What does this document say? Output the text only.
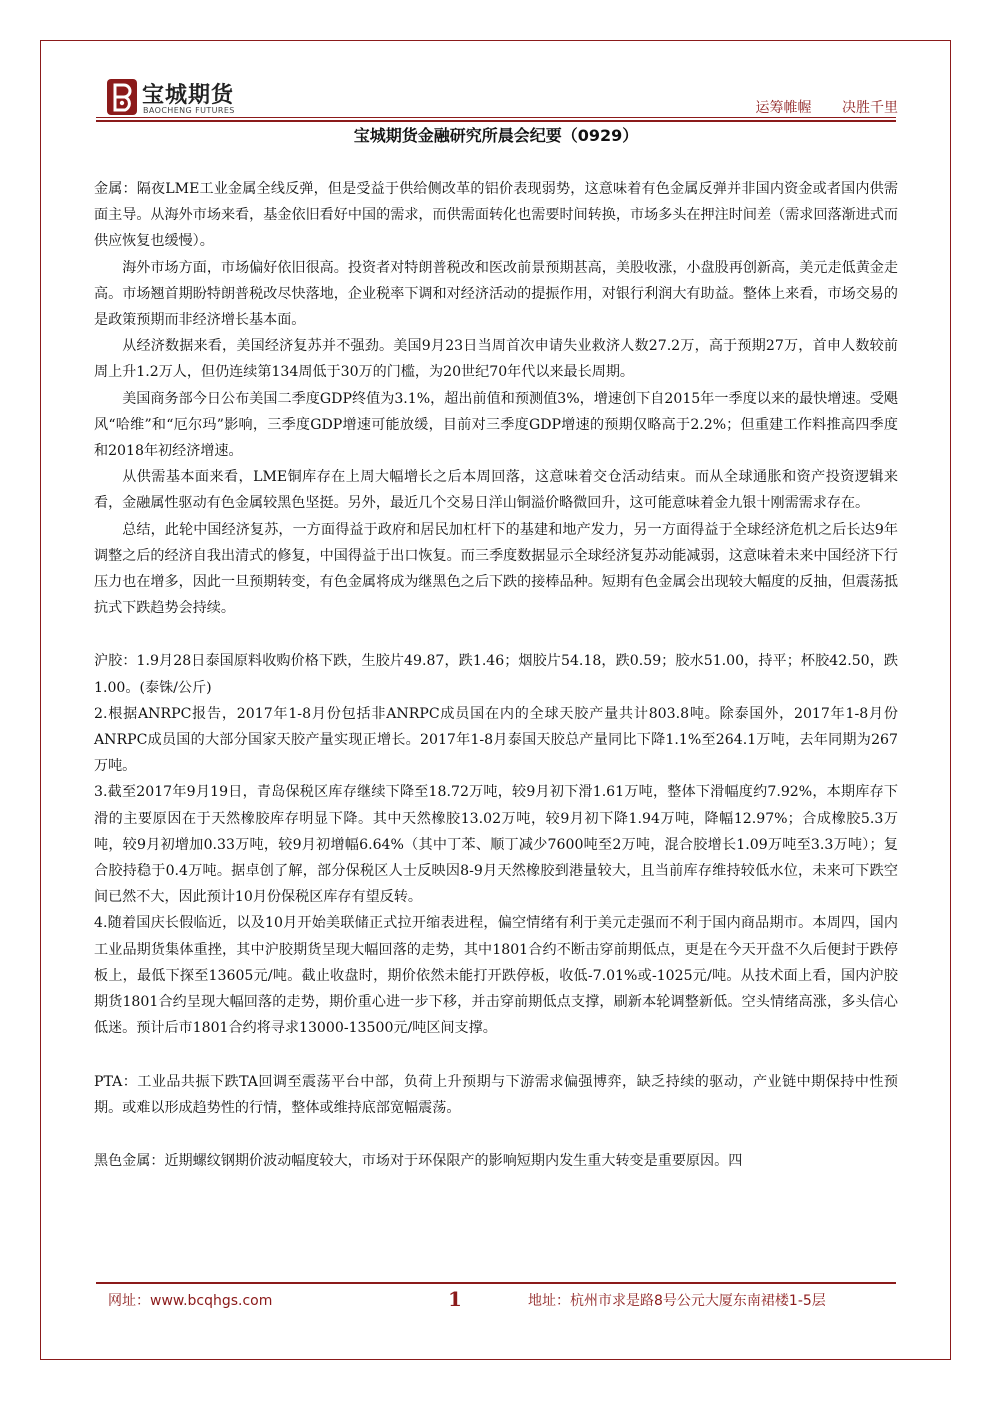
宝城期货
BAOCHENG FUTURES	运筹帷幄 决胜千里
宝城期货金融研究所晨会纪要（0929）

金属：隔夜LME工业金属全线反弹，但是受益于供给侧改革的铝价表现弱势，这意味着有色金属反弹并非国内资金或者国内供需面主导。从海外市场来看，基金依旧看好中国的需求，而供需面转化也需要时间转换，市场多头在押注时间差（需求回落渐进式而供应恢复也缓慢）。

海外市场方面，市场偏好依旧很高。投资者对特朗普税改和医改前景预期甚高，美股收涨，小盘股再创新高，美元走低黄金走高。市场翘首期盼特朗普税改尽快落地，企业税率下调和对经济活动的提振作用，对银行利润大有助益。整体上来看，市场交易的是政策预期而非经济增长基本面。

从经济数据来看，美国经济复苏并不强劲。美国9月23日当周首次申请失业救济人数27.2万，高于预期27万，首申人数较前周上升1.2万人，但仍连续第134周低于30万的门槛，为20世纪70年代以来最长周期。

美国商务部今日公布美国二季度GDP终值为3.1%，超出前值和预测值3%，增速创下自2015年一季度以来的最快增速。受飓风“哈维”和“厄尔玛”影响，三季度GDP增速可能放缓，目前对三季度GDP增速的预期仅略高于2.2%；但重建工作料推高四季度和2018年初经济增速。

从供需基本面来看，LME铜库存在上周大幅增长之后本周回落，这意味着交仓活动结束。而从全球通胀和资产投资逻辑来看，金融属性驱动有色金属较黑色坚挺。另外，最近几个交易日洋山铜溢价略微回升，这可能意味着金九银十刚需需求存在。

总结，此轮中国经济复苏，一方面得益于政府和居民加杠杆下的基建和地产发力，另一方面得益于全球经济危机之后长达9年调整之后的经济自我出清式的修复，中国得益于出口恢复。而三季度数据显示全球经济复苏动能减弱，这意味着未来中国经济下行压力也在增多，因此一旦预期转变，有色金属将成为继黑色之后下跌的接棒品种。短期有色金属会出现较大幅度的反抽，但震荡抵抗式下跌趋势会持续。

沪胶：1.9月28日泰国原料收购价格下跌，生胶片49.87，跌1.46；烟胶片54.18，跌0.59；胶水51.00，持平；杯胶42.50，跌1.00。(泰铢/公斤)

2.根据ANRPC报告，2017年1-8月份包括非ANRPC成员国在内的全球天胶产量共计803.8吨。除泰国外，2017年1-8月份ANRPC成员国的大部分国家天胶产量实现正增长。2017年1-8月泰国天胶总产量同比下降1.1%至264.1万吨，去年同期为267万吨。

3.截至2017年9月19日，青岛保税区库存继续下降至18.72万吨，较9月初下滑1.61万吨，整体下滑幅度约7.92%，本期库存下滑的主要原因在于天然橡胶库存明显下降。其中天然橡胶13.02万吨，较9月初下降1.94万吨，降幅12.97%；合成橡胶5.3万吨，较9月初增加0.33万吨，较9月初增幅6.64%（其中丁苯、顺丁减少7600吨至2万吨，混合胶增长1.09万吨至3.3万吨）；复合胶持稳于0.4万吨。据卓创了解，部分保税区人士反映因8-9月天然橡胶到港量较大，且当前库存维持较低水位，未来可下跌空间已然不大，因此预计10月份保税区库存有望反转。

4.随着国庆长假临近，以及10月开始美联储正式拉开缩表进程，偏空情绪有利于美元走强而不利于国内商品期市。本周四，国内工业品期货集体重挫，其中沪胶期货呈现大幅回落的走势，其中1801合约不断击穿前期低点，更是在今天开盘不久后便封于跌停板上，最低下探至13605元/吨。截止收盘时，期价依然未能打开跌停板，收低-7.01%或-1025元/吨。从技术面上看，国内沪胶期货1801合约呈现大幅回落的走势，期价重心进一步下移，并击穿前期低点支撑，刷新本轮调整新低。空头情绪高涨，多头信心低迷。预计后市1801合约将寻求13000-13500元/吨区间支撑。

PTA：工业品共振下跌TA回调至震荡平台中部，负荷上升预期与下游需求偏强博弈，缺乏持续的驱动，产业链中期保持中性预期。或难以形成趋势性的行情，整体或维持底部宽幅震荡。

黑色金属：近期螺纹钢期价波动幅度较大，市场对于环保限产的影响短期内发生重大转变是重要原因。四

网址：www.bcqhgs.com	1	地址：杭州市求是路8号公元大厦东南裙楼1-5层
